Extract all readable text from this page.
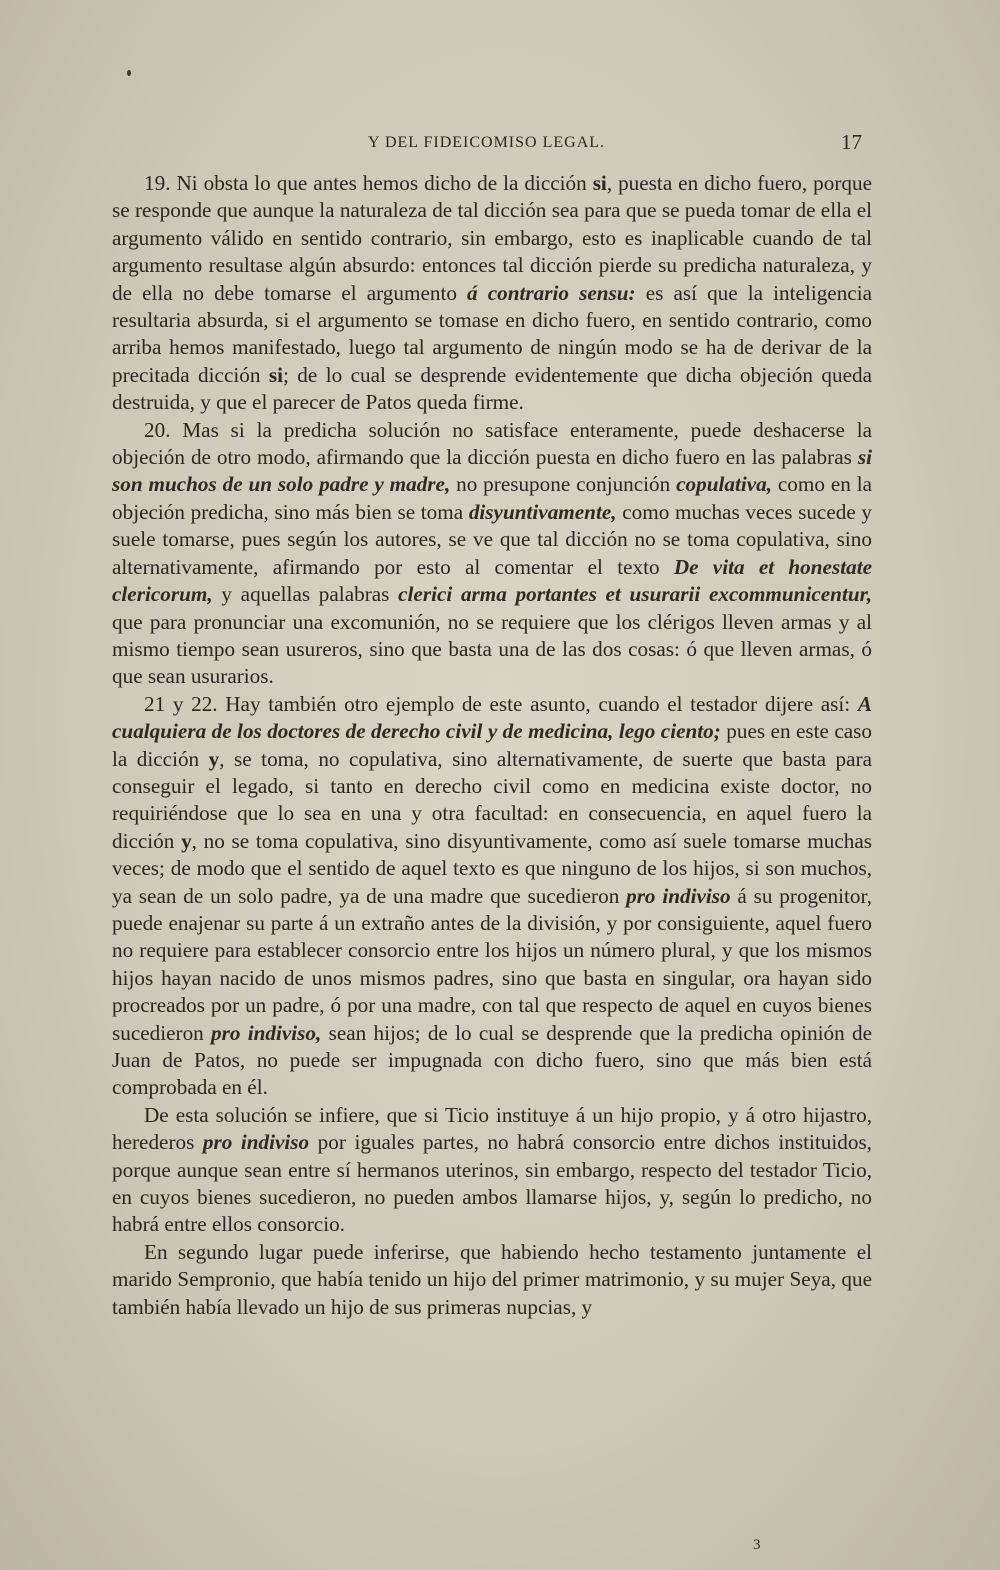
Y DEL FIDEICOMISO LEGAL.	17

19. Ni obsta lo que antes hemos dicho de la dicción si, puesta en dicho fuero, porque se responde que aunque la naturaleza de tal dicción sea para que se pueda tomar de ella el argumento válido en sentido contrario, sin embargo, esto es inaplicable cuando de tal argumento resultase algún absurdo: entonces tal dicción pierde su predicha naturaleza, y de ella no debe tomarse el argumento á contrario sensu: es así que la inteligencia resultaria absurda, si el argumento se tomase en dicho fuero, en sentido contrario, como arriba hemos manifestado, luego tal argumento de ningún modo se ha de derivar de la precitada dicción si; de lo cual se desprende evidentemente que dicha objeción queda destruida, y que el parecer de Patos queda firme.

20. Mas si la predicha solución no satisface enteramente, puede deshacerse la objeción de otro modo, afirmando que la dicción puesta en dicho fuero en las palabras si son muchos de un solo padre y madre, no presupone conjunción copulativa, como en la objeción predicha, sino más bien se toma disyuntivamente, como muchas veces sucede y suele tomarse, pues según los autores, se ve que tal dicción no se toma copulativa, sino alternativamente, afirmando por esto al comentar el texto De vita et honestate clericorum, y aquellas palabras clerici arma portantes et usurarii excommunicentur, que para pronunciar una excomunión, no se requiere que los clérigos lleven armas y al mismo tiempo sean usureros, sino que basta una de las dos cosas: ó que lleven armas, ó que sean usurarios.

21 y 22. Hay también otro ejemplo de este asunto, cuando el testador dijere así: A cualquiera de los doctores de derecho civil y de medicina, lego ciento; pues en este caso la dicción y, se toma, no copulativa, sino alternativamente, de suerte que basta para conseguir el legado, si tanto en derecho civil como en medicina existe doctor, no requiriéndose que lo sea en una y otra facultad: en consecuencia, en aquel fuero la dicción y, no se toma copulativa, sino disyuntivamente, como así suele tomarse muchas veces; de modo que el sentido de aquel texto es que ninguno de los hijos, si son muchos, ya sean de un solo padre, ya de una madre que sucedieron pro indiviso á su progenitor, puede enajenar su parte á un extraño antes de la división, y por consiguiente, aquel fuero no requiere para establecer consorcio entre los hijos un número plural, y que los mismos hijos hayan nacido de unos mismos padres, sino que basta en singular, ora hayan sido procreados por un padre, ó por una madre, con tal que respecto de aquel en cuyos bienes sucedieron pro indiviso, sean hijos; de lo cual se desprende que la predicha opinión de Juan de Patos, no puede ser impugnada con dicho fuero, sino que más bien está comprobada en él.

De esta solución se infiere, que si Ticio instituye á un hijo propio, y á otro hijastro, herederos pro indiviso por iguales partes, no habrá consorcio entre dichos instituidos, porque aunque sean entre sí hermanos uterinos, sin embargo, respecto del testador Ticio, en cuyos bienes sucedieron, no pueden ambos llamarse hijos, y, según lo predicho, no habrá entre ellos consorcio.

En segundo lugar puede inferirse, que habiendo hecho testamento juntamente el marido Sempronio, que había tenido un hijo del primer matrimonio, y su mujer Seya, que también había llevado un hijo de sus primeras nupcias, y

3
